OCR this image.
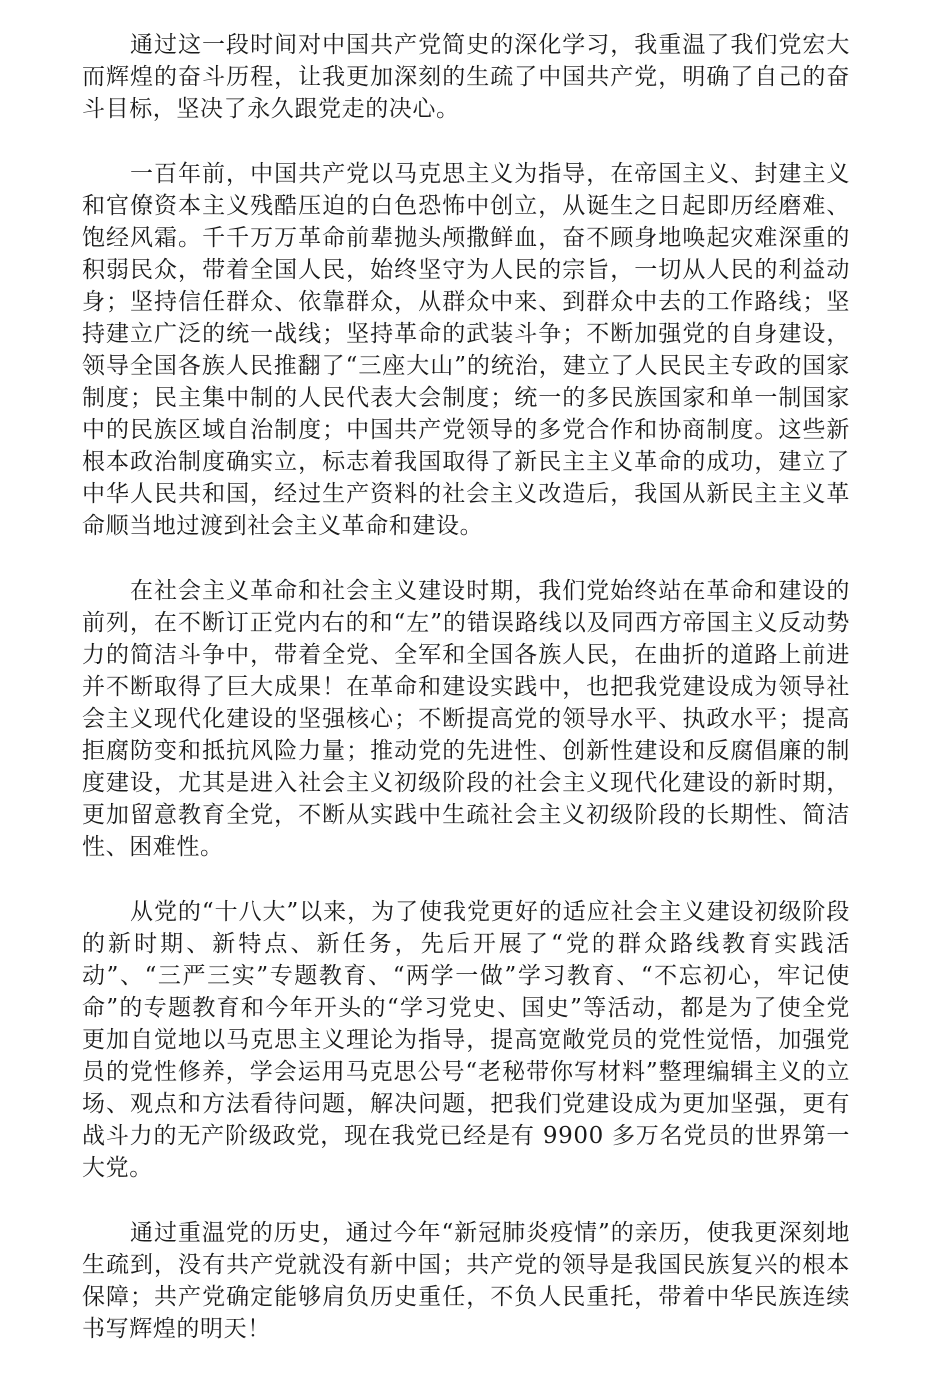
通过这一段时间对中国共产党简史的深化学习，我重温了我们党宏大而辉煌的奋斗历程，让我更加深刻的生疏了中国共产党，明确了自己的奋斗目标，坚决了永久跟党走的决心。

一百年前，中国共产党以马克思主义为指导，在帝国主义、封建主义和官僚资本主义残酷压迫的白色恐怖中创立，从诞生之日起即历经磨难、饱经风霜。千千万万革命前辈抛头颅撒鲜血，奋不顾身地唤起灾难深重的积弱民众，带着全国人民，始终坚守为人民的宗旨，一切从人民的利益动身；坚持信任群众、依靠群众，从群众中来、到群众中去的工作路线；坚持建立广泛的统一战线；坚持革命的武装斗争；不断加强党的自身建设，领导全国各族人民推翻了“三座大山”的统治，建立了人民民主专政的国家制度；民主集中制的人民代表大会制度；统一的多民族国家和单一制国家中的民族区域自治制度；中国共产党领导的多党合作和协商制度。这些新根本政治制度确实立，标志着我国取得了新民主主义革命的成功，建立了中华人民共和国，经过生产资料的社会主义改造后，我国从新民主主义革命顺当地过渡到社会主义革命和建设。

在社会主义革命和社会主义建设时期，我们党始终站在革命和建设的前列，在不断订正党内右的和“左”的错误路线以及同西方帝国主义反动势力的简洁斗争中，带着全党、全军和全国各族人民，在曲折的道路上前进并不断取得了巨大成果！在革命和建设实践中，也把我党建设成为领导社会主义现代化建设的坚强核心；不断提高党的领导水平、执政水平；提高拒腐防变和抵抗风险力量；推动党的先进性、创新性建设和反腐倡廉的制度建设，尤其是进入社会主义初级阶段的社会主义现代化建设的新时期，更加留意教育全党，不断从实践中生疏社会主义初级阶段的长期性、简洁性、困难性。

从党的“十八大”以来，为了使我党更好的适应社会主义建设初级阶段的新时期、新特点、新任务，先后开展了“党的群众路线教育实践活动”、“三严三实”专题教育、“两学一做”学习教育、“不忘初心，牢记使命”的专题教育和今年开头的“学习党史、国史”等活动，都是为了使全党更加自觉地以马克思主义理论为指导，提高宽敞党员的党性觉悟，加强党员的党性修养，学会运用马克思公号“老秘带你写材料”整理编辑主义的立场、观点和方法看待问题，解决问题，把我们党建设成为更加坚强，更有战斗力的无产阶级政党，现在我党已经是有 9900 多万名党员的世界第一大党。

通过重温党的历史，通过今年“新冠肺炎疫情”的亲历，使我更深刻地生疏到，没有共产党就没有新中国；共产党的领导是我国民族复兴的根本保障；共产党确定能够肩负历史重任，不负人民重托，带着中华民族连续书写辉煌的明天！
